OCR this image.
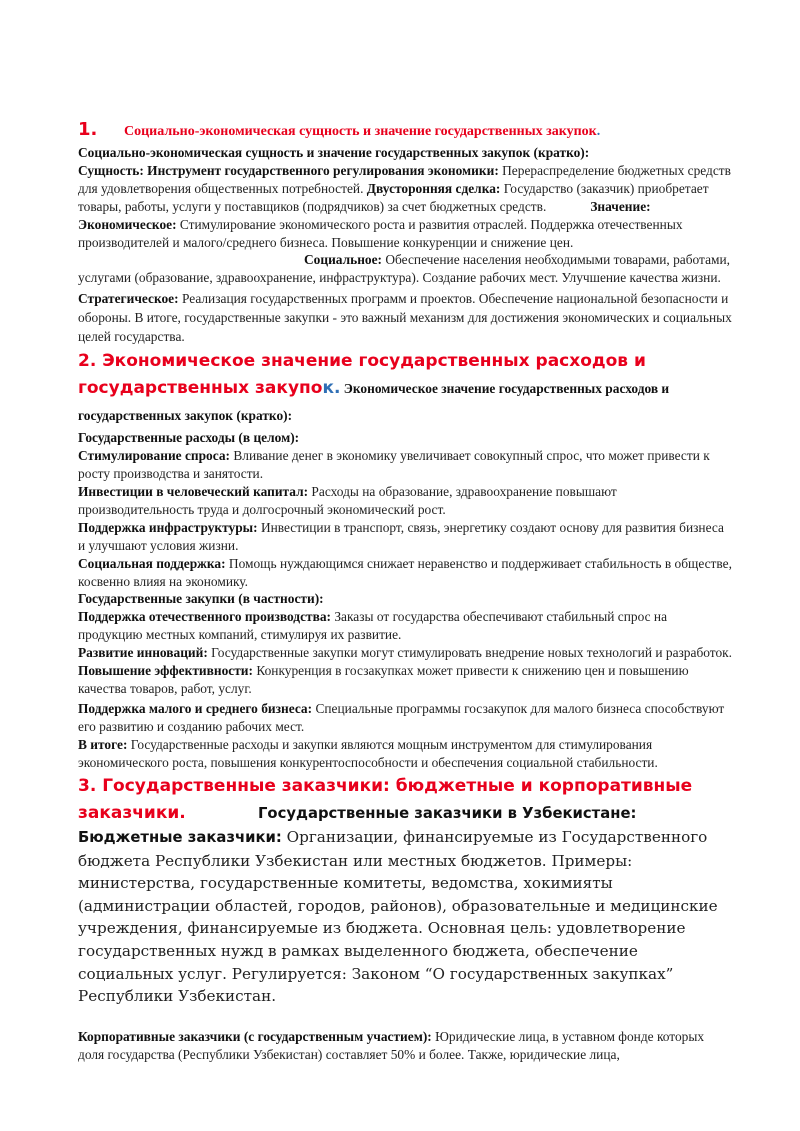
1. Социально-экономическая сущность и значение государственных закупок.

Социально-экономическая сущность и значение государственных закупок (кратко):

Сущность: Инструмент государственного регулирования экономики: Перераспределение бюджетных средств для удовлетворения общественных потребностей. Двусторонняя сделка: Государство (заказчик) приобретает товары, работы, услуги у поставщиков (подрядчиков) за счет бюджетных средств.	Значение: Экономическое: Стимулирование экономического роста и развития отраслей. Поддержка отечественных производителей и малого/среднего бизнеса. Повышение конкуренции и снижение цен.Социальное: Обеспечение населения необходимыми товарами, работами, услугами (образование, здравоохранение, инфраструктура). Создание рабочих мест. Улучшение качества жизни.

Стратегическое: Реализация государственных программ и проектов. Обеспечение национальной безопасности и обороны. В итоге, государственные закупки - это важный механизм для достижения экономических и социальных целей государства.

2. Экономическое значение государственных расходов и государственных закупок. Экономическое значение государственных расходов и государственных закупок (кратко):

Государственные расходы (в целом):

Стимулирование спроса: Вливание денег в экономику увеличивает совокупный спрос, что может привести к росту производства и занятости.

Инвестиции в человеческий капитал: Расходы на образование, здравоохранение повышают производительность труда и долгосрочный экономический рост.

Поддержка инфраструктуры: Инвестиции в транспорт, связь, энергетику создают основу для развития бизнеса и улучшают условия жизни.

Социальная поддержка: Помощь нуждающимся снижает неравенство и поддерживает стабильность в обществе, косвенно влияя на экономику.

Государственные закупки (в частности):

Поддержка отечественного производства: Заказы от государства обеспечивают стабильный спрос на продукцию местных компаний, стимулируя их развитие.

Развитие инноваций: Государственные закупки могут стимулировать внедрение новых технологий и разработок.

Повышение эффективности: Конкуренция в госзакупках может привести к снижению цен и повышению качества товаров, работ, услуг.

Поддержка малого и среднего бизнеса: Специальные программы госзакупок для малого бизнеса способствуют его развитию и созданию рабочих мест.

В итоге: Государственные расходы и закупки являются мощным инструментом для стимулирования экономического роста, повышения конкурентоспособности и обеспечения социальной стабильности.

3. Государственные заказчики: бюджетные и корпоративные заказчики.	Государственные заказчики в Узбекистане: Бюджетные заказчики: Организации, финансируемые из Государственного бюджета Республики Узбекистан или местных бюджетов. Примеры: министерства, государственные комитеты, ведомства, хокимияты (администрации областей, городов, районов), образовательные и медицинские учреждения, финансируемые из бюджета. Основная цель: удовлетворение государственных нужд в рамках выделенного бюджета, обеспечение социальных услуг. Регулируется: Законом “О государственных закупках” Республики Узбекистан.

Корпоративные заказчики (с государственным участием): Юридические лица, в уставном фонде которых доля государства (Республики Узбекистан) составляет 50% и более. Также, юридические лица,
